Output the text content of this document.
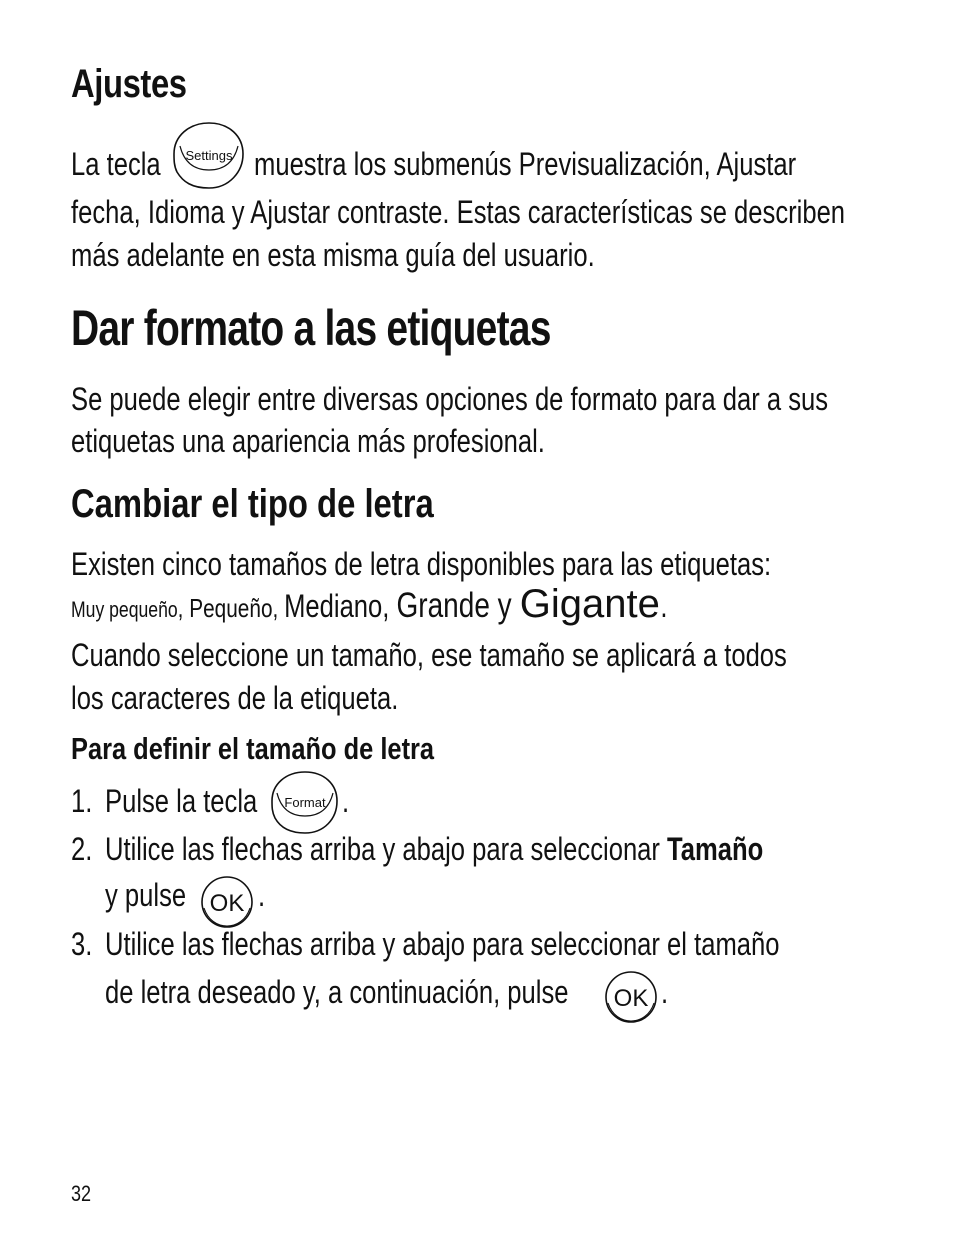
Ajustes
La tecla Settings muestra los submenús Previsualización, Ajustar
fecha, Idioma y Ajustar contraste. Estas características se describen
más adelante en esta misma guía del usuario.
Dar formato a las etiquetas
Se puede elegir entre diversas opciones de formato para dar a sus
etiquetas una apariencia más profesional.
Cambiar el tipo de letra
Existen cinco tamaños de letra disponibles para las etiquetas:
Muy pequeño, Pequeño, Mediano, Grande y Gigante.
Cuando seleccione un tamaño, ese tamaño se aplicará a todos
los caracteres de la etiqueta.
Para definir el tamaño de letra
1. Pulse la tecla Format .
2. Utilice las flechas arriba y abajo para seleccionar Tamaño
y pulse OK .
3. Utilice las flechas arriba y abajo para seleccionar el tamaño
de letra deseado y, a continuación, pulse OK .
32
